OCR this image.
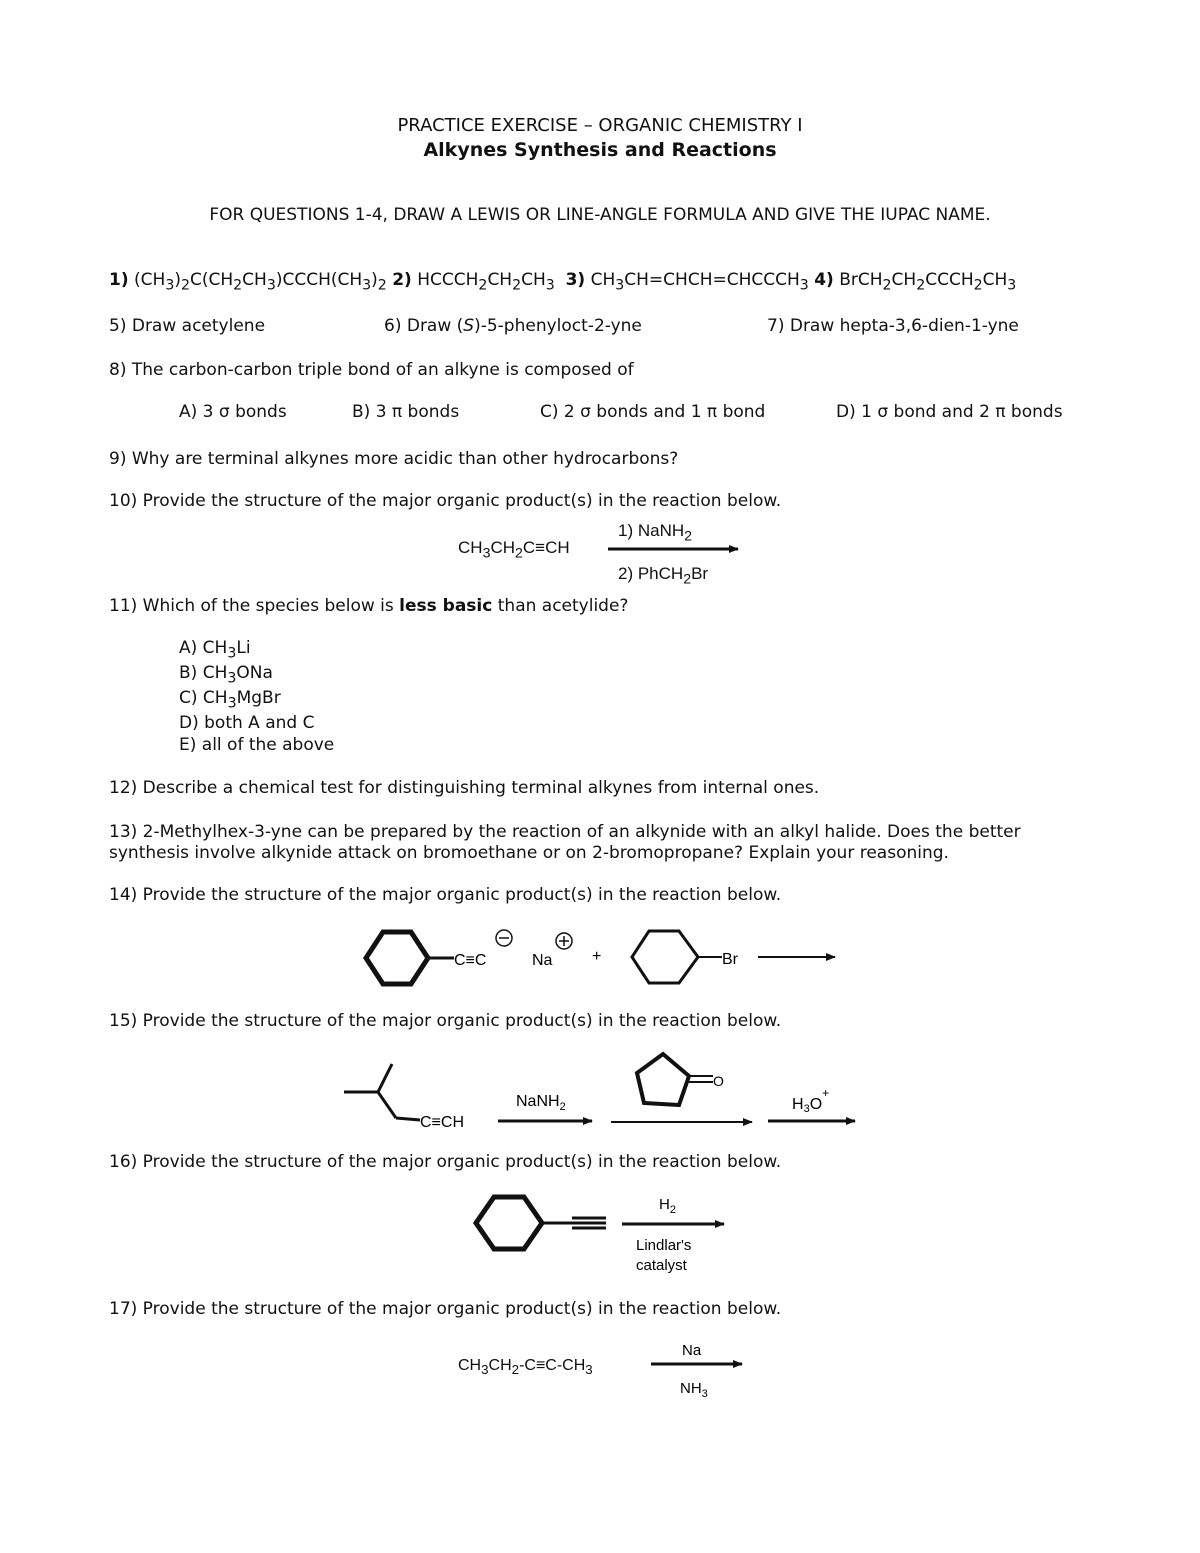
PRACTICE EXERCISE – ORGANIC CHEMISTRY I
Alkynes Synthesis and Reactions
FOR QUESTIONS 1-4, DRAW A LEWIS OR LINE-ANGLE FORMULA AND GIVE THE IUPAC NAME.
1) $(CH_3)_2C(CH_2CH_3)CCCH(CH_3)_2$ 2) $HCCCH_2CH_2CH_3$ 3) $CH_3CH=CHCH=CHCCCH_3$ 4) $BrCH_2CH_2CCCH_2CH_3$
5) Draw acetylene	6) Draw (S)-5-phenyloct-2-yne	7) Draw hepta-3,6-dien-1-yne
8) The carbon-carbon triple bond of an alkyne is composed of
A) 3 σ bonds	B) 3 π bonds	C) 2 σ bonds and 1 π bond	D) 1 σ bond and 2 π bonds
9) Why are terminal alkynes more acidic than other hydrocarbons?
10) Provide the structure of the major organic product(s) in the reaction below.
$CH_3CH_2C\equiv CH$
1) NaNH$_2$
2) PhCH$_2$Br
11) Which of the species below is less basic than acetylide?
A) $CH_3Li$
B) $CH_3ONa$
C) $CH_3MgBr$
D) both A and C
E) all of the above
12) Describe a chemical test for distinguishing terminal alkynes from internal ones.
13) 2-Methylhex-3-yne can be prepared by the reaction of an alkynide with an alkyl halide. Does the better
synthesis involve alkynide attack on bromoethane or on 2-bromopropane? Explain your reasoning.
14) Provide the structure of the major organic product(s) in the reaction below.
15) Provide the structure of the major organic product(s) in the reaction below.
16) Provide the structure of the major organic product(s) in the reaction below.
17) Provide the structure of the major organic product(s) in the reaction below.
$CH_3CH_2-C\equiv C-CH_3$
C≡C	Na +	Br
C≡CH
NaNH$_2$
O
H3O+
$H_2$
Lindlar's
catalyst
Na
$NH_3$
